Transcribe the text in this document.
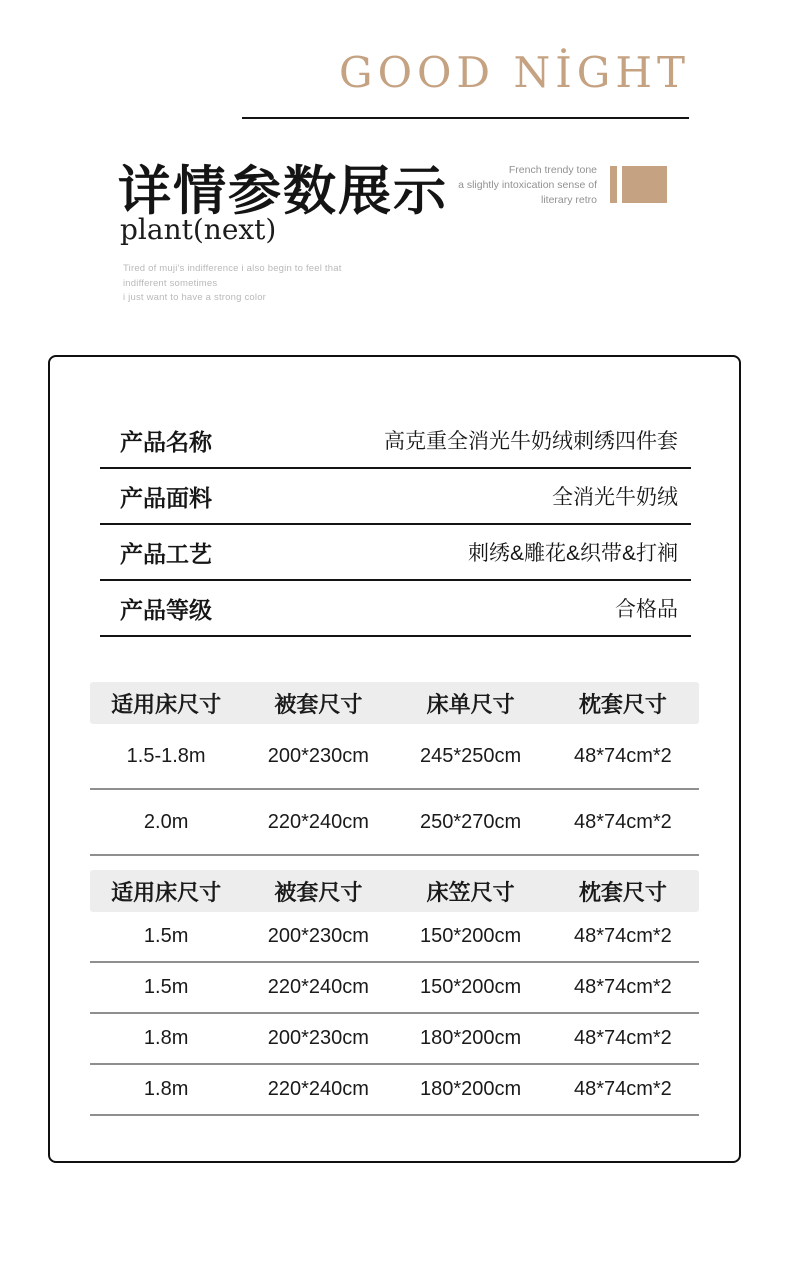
GOOD NİGHT
详情参数展示
plant(next)
Tired of muji's indifference i also begin to feel that
indifferent sometimes
i just want to have a strong color
French trendy tone
a slightly intoxication sense of
literary retro
产品名称	高克重全消光牛奶绒刺绣四件套
产品面料	全消光牛奶绒
产品工艺	刺绣&雕花&织带&打裥
产品等级	合格品
适用床尺寸	被套尺寸	床单尺寸	枕套尺寸
1.5-1.8m	200*230cm	245*250cm	48*74cm*2
2.0m	220*240cm	250*270cm	48*74cm*2
适用床尺寸	被套尺寸	床笠尺寸	枕套尺寸
1.5m	200*230cm	150*200cm	48*74cm*2
1.5m	220*240cm	150*200cm	48*74cm*2
1.8m	200*230cm	180*200cm	48*74cm*2
1.8m	220*240cm	180*200cm	48*74cm*2
